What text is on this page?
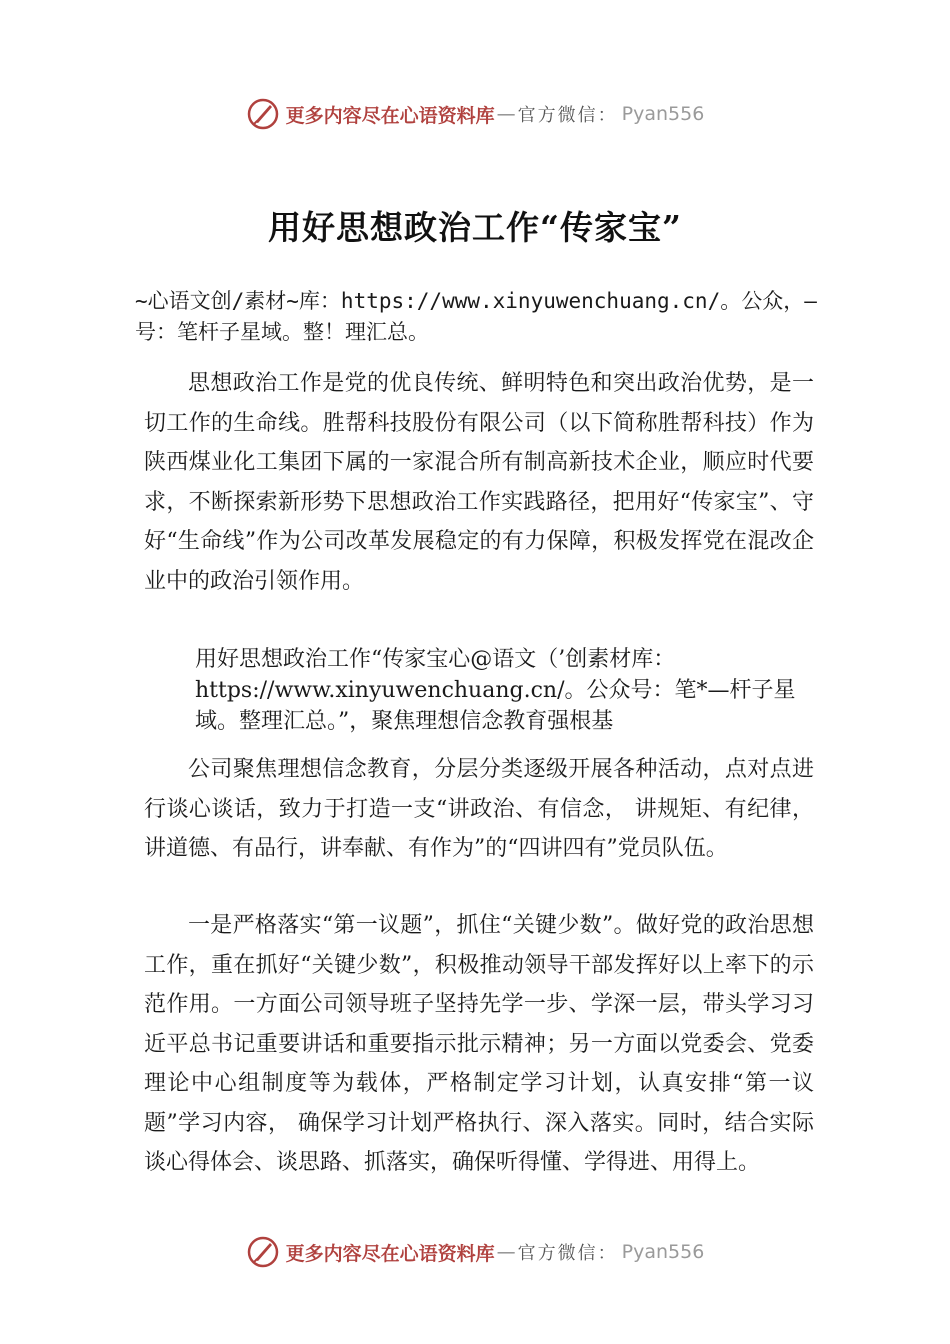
更多内容尽在心语资料库 — 官方微信： Pyan556
用好思想政治工作“传家宝”
~心语文创/素材~库：https://www.xinyuwenchuang.cn/。公众，—号：笔杆子星域。整！理汇总。

思想政治工作是党的优良传统、鲜明特色和突出政治优势，是一切工作的生命线。胜帮科技股份有限公司（以下简称胜帮科技）作为陕西煤业化工集团下属的一家混合所有制高新技术企业，顺应时代要求，不断探索新形势下思想政治工作实践路径，把用好“传家宝”、守好“生命线”作为公司改革发展稳定的有力保障，积极发挥党在混改企业中的政治引领作用。

用好思想政治工作“传家宝心@语文（’创素材库：https://www.xinyuwenchuang.cn/。公众号：笔*—杆子星域。整理汇总。”，聚焦理想信念教育强根基

公司聚焦理想信念教育，分层分类逐级开展各种活动，点对点进行谈心谈话，致力于打造一支“讲政治、有信念， 讲规矩、有纪律，讲道德、有品行，讲奉献、有作为”的“四讲四有”党员队伍。

一是严格落实“第一议题”，抓住“关键少数”。做好党的政治思想工作，重在抓好“关键少数”，积极推动领导干部发挥好以上率下的示范作用。一方面公司领导班子坚持先学一步、学深一层，带头学习习近平总书记重要讲话和重要指示批示精神；另一方面以党委会、党委理论中心组制度等为载体，严格制定学习计划，认真安排“第一议题”学习内容， 确保学习计划严格执行、深入落实。同时，结合实际谈心得体会、谈思路、抓落实，确保听得懂、学得进、用得上。

更多内容尽在心语资料库 — 官方微信： Pyan556
